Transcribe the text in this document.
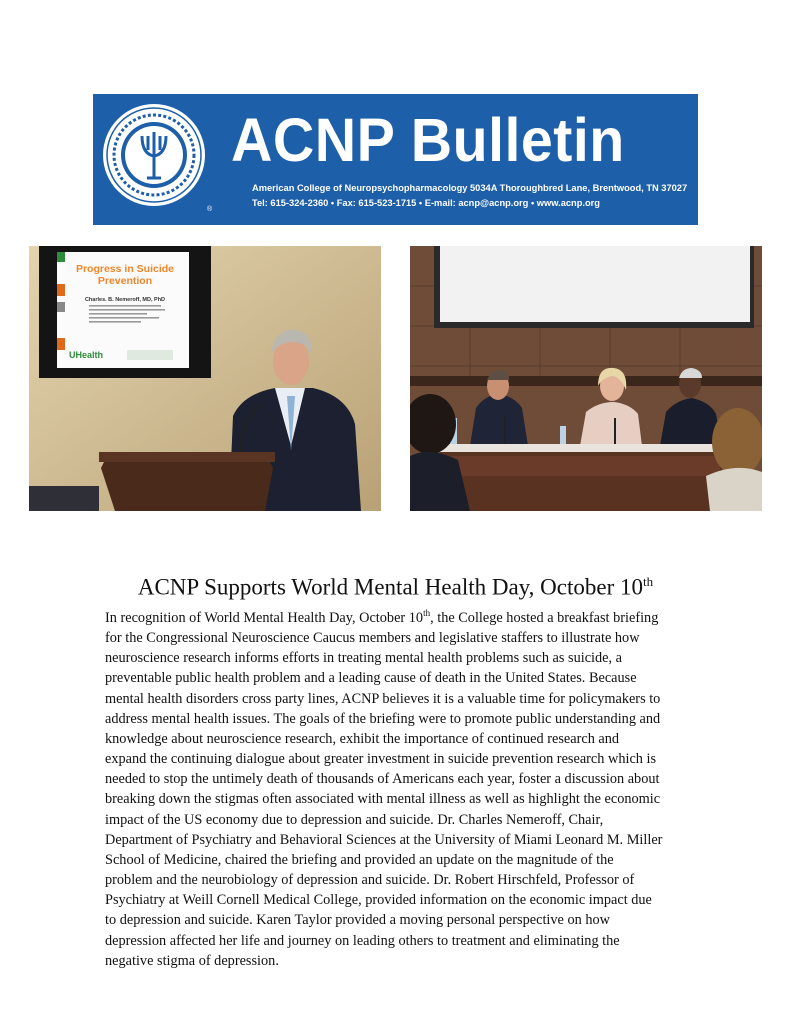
®
ACNP Bulletin
American College of Neuropsychopharmacology 5034A Thoroughbred Lane, Brentwood, TN 37027
Tel: 615-324-2360 • Fax: 615-523-1715 • E-mail: acnp@acnp.org • www.acnp.org
Progress in Suicide
Prevention
Charles. B. Nemeroff, MD, PhD
UHealth
ACNP Supports World Mental Health Day, October 10th

In recognition of World Mental Health Day, October 10th, the College hosted a breakfast briefing
for the Congressional Neuroscience Caucus members and legislative staffers to illustrate how
neuroscience research informs efforts in treating mental health problems such as suicide, a
preventable public health problem and a leading cause of death in the United States. Because
mental health disorders cross party lines, ACNP believes it is a valuable time for policymakers to
address mental health issues. The goals of the briefing were to promote public understanding and
knowledge about neuroscience research, exhibit the importance of continued research and
expand the continuing dialogue about greater investment in suicide prevention research which is
needed to stop the untimely death of thousands of Americans each year, foster a discussion about
breaking down the stigmas often associated with mental illness as well as highlight the economic
impact of the US economy due to depression and suicide. Dr. Charles Nemeroff, Chair,
Department of Psychiatry and Behavioral Sciences at the University of Miami Leonard M. Miller
School of Medicine, chaired the briefing and provided an update on the magnitude of the
problem and the neurobiology of depression and suicide. Dr. Robert Hirschfeld, Professor of
Psychiatry at Weill Cornell Medical College, provided information on the economic impact due
to depression and suicide. Karen Taylor provided a moving personal perspective on how
depression affected her life and journey on leading others to treatment and eliminating the
negative stigma of depression.
